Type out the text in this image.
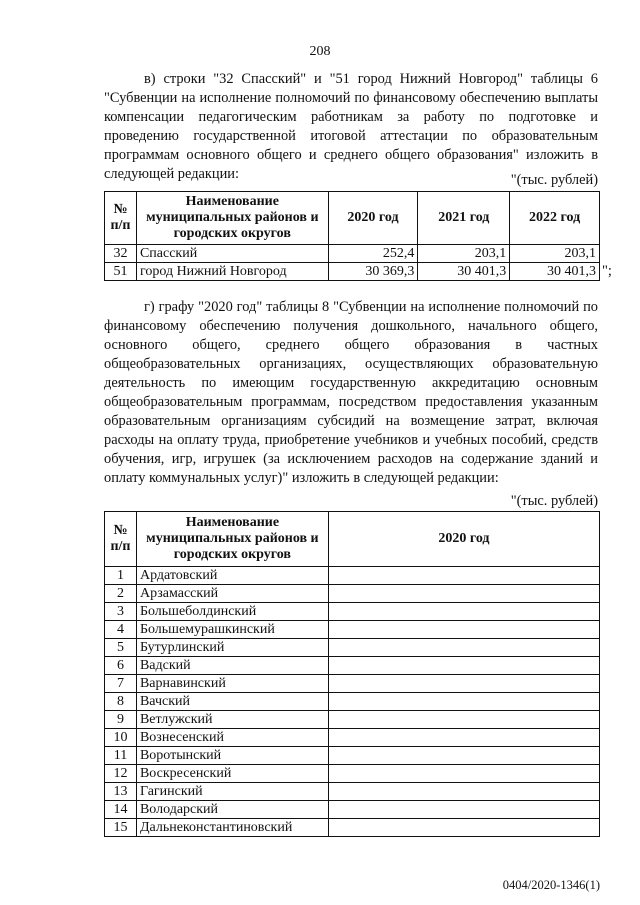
208

в) строки "32 Спасский" и "51 город Нижний Новгород" таблицы 6 "Субвенции на исполнение полномочий по финансовому обеспечению выплаты компенсации педагогическим работникам за работу по подготовке и проведению государственной итоговой аттестации по образовательным программам основного общего и среднего общего образования" изложить в следующей редакции:	"(тыс. рублей)
№ п/п	Наименование муниципальных районов и городских округов	2020 год	2021 год	2022 год
32	Спасский	252,4	203,1	203,1
51	город Нижний Новгород	30 369,3	30 401,3	30 401,3 ";

г) графу "2020 год" таблицы 8 "Субвенции на исполнение полномочий по финансовому обеспечению получения дошкольного, начального общего, основного общего, среднего общего образования в частных общеобразовательных организациях, осуществляющих образовательную деятельность по имеющим государственную аккредитацию основным общеобразовательным программам, посредством предоставления указанным образовательным организациям субсидий на возмещение затрат, включая расходы на оплату труда, приобретение учебников и учебных пособий, средств обучения, игр, игрушек (за исключением расходов на содержание зданий и оплату коммунальных услуг)" изложить в следующей редакции:

"(тыс. рублей)
№ п/п	Наименование муниципальных районов и городских округов	2020 год
1	Ардатовский	
2	Арзамасский	
3	Большеболдинский	
4	Большемурашкинский	
5	Бутурлинский	
6	Вадский	
7	Варнавинский	
8	Вачский	
9	Ветлужский	
10	Вознесенский	
11	Воротынский	
12	Воскресенский	
13	Гагинский	
14	Володарский	
15	Дальнеконстантиновский	
0404/2020-1346(1)
